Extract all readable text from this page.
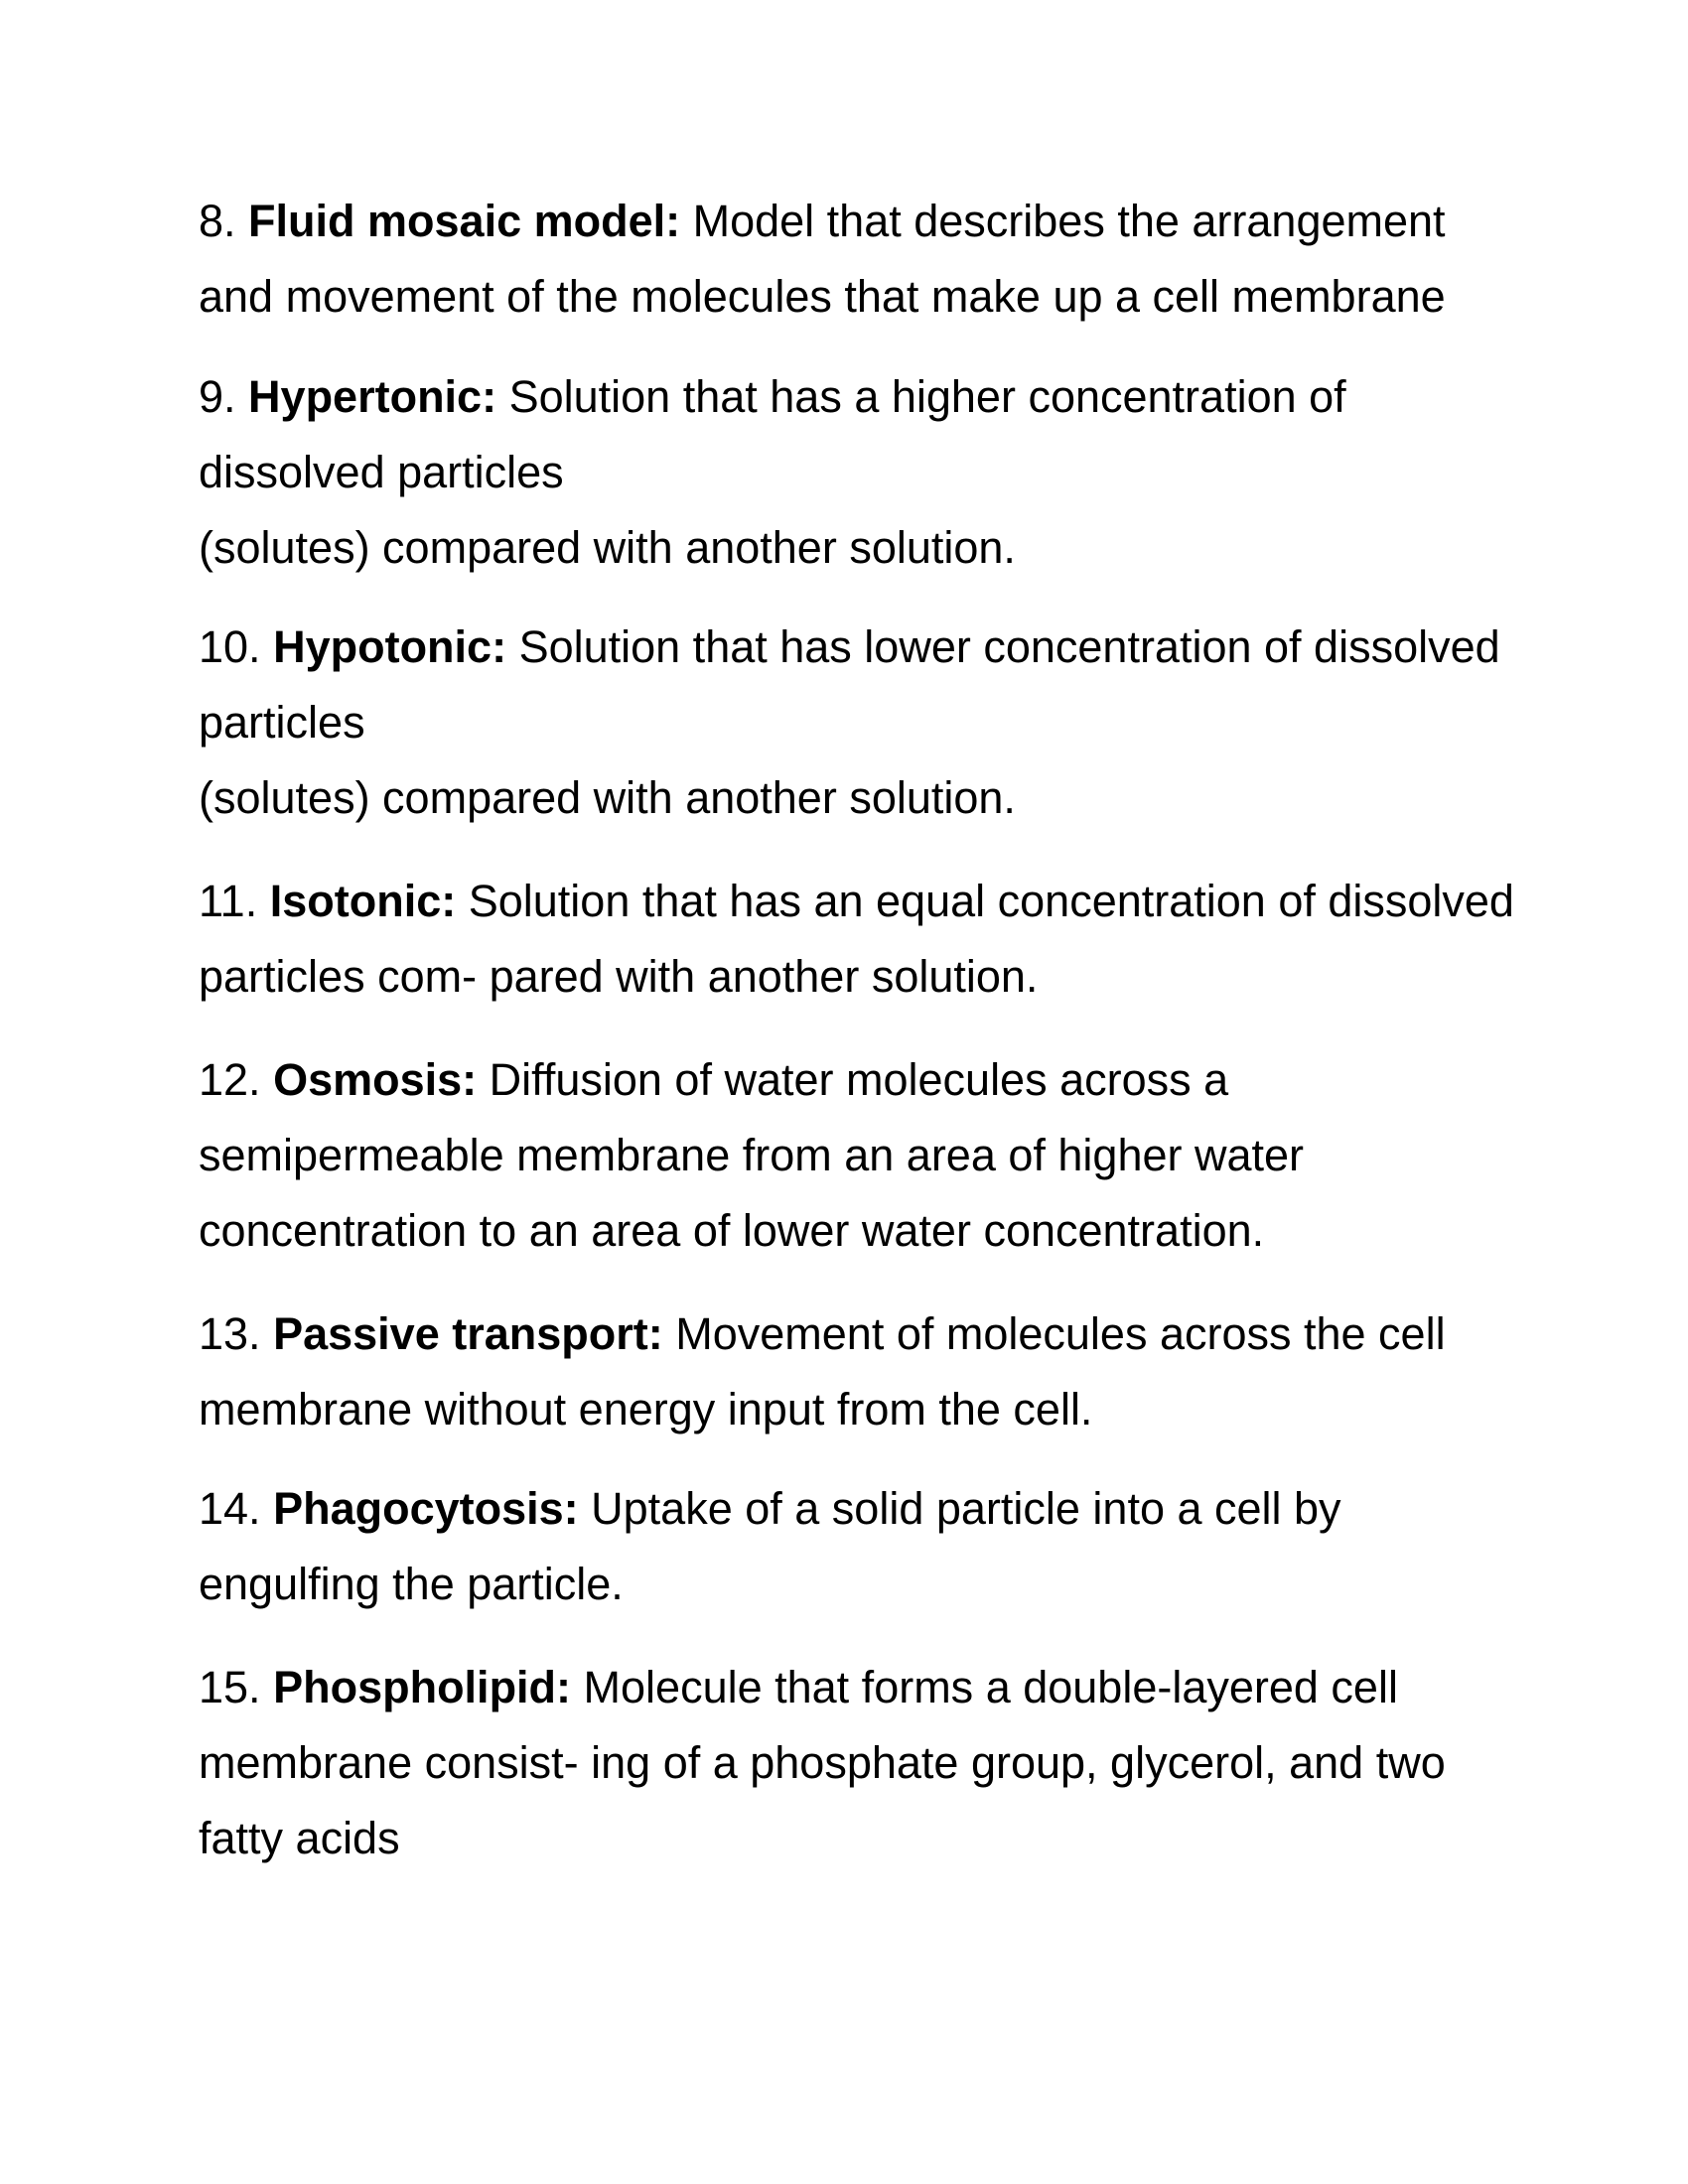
8. Fluid mosaic model: Model that describes the arrangement
and movement of the molecules that make up a cell membrane
9. Hypertonic: Solution that has a higher concentration of
dissolved particles
(solutes) compared with another solution.
10. Hypotonic: Solution that has lower concentration of dissolved
particles
(solutes) compared with another solution.
11. Isotonic: Solution that has an equal concentration of dissolved
particles com- pared with another solution.
12. Osmosis: Diffusion of water molecules across a
semipermeable membrane from an area of higher water
concentration to an area of lower water concentration.
13. Passive transport: Movement of molecules across the cell
membrane without energy input from the cell.
14. Phagocytosis: Uptake of a solid particle into a cell by
engulfing the particle.
15. Phospholipid: Molecule that forms a double-layered cell
membrane consist- ing of a phosphate group, glycerol, and two
fatty acids
